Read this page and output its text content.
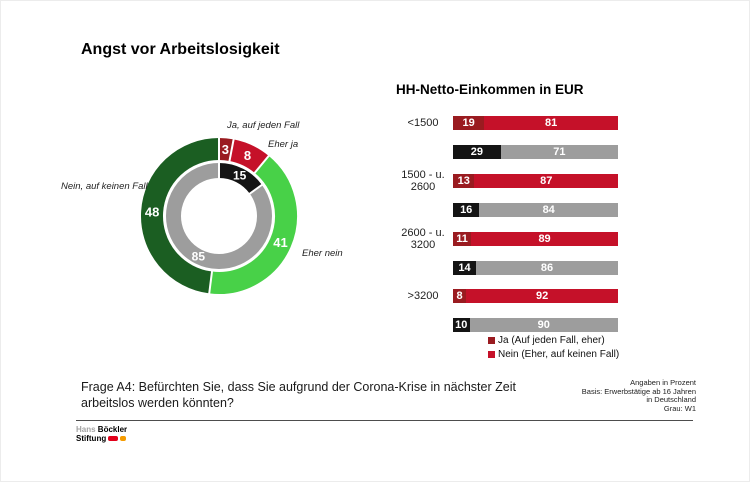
Angst vor Arbeitslosigkeit
3 8
41
48
15
85
Ja, auf jeden Fall
Eher ja
Eher nein
Nein, auf keinen Fall
HH-Netto-Einkommen in EUR
<1500	19	81
29	71
1500 - u.
2600	13	87
16	84
2600 - u.
3200	11	89
14	86
>3200	8	92
10	90
Ja (Auf jeden Fall, eher)
Nein (Eher, auf keinen Fall)
Frage A4: Befürchten Sie, dass Sie aufgrund der Corona-Krise in nächster Zeit arbeitslos werden könnten?
Angaben in Prozent
Basis: Erwerbstätige ab 16 Jahren
in Deutschland
Grau: W1
Hans Böckler
Stiftung
